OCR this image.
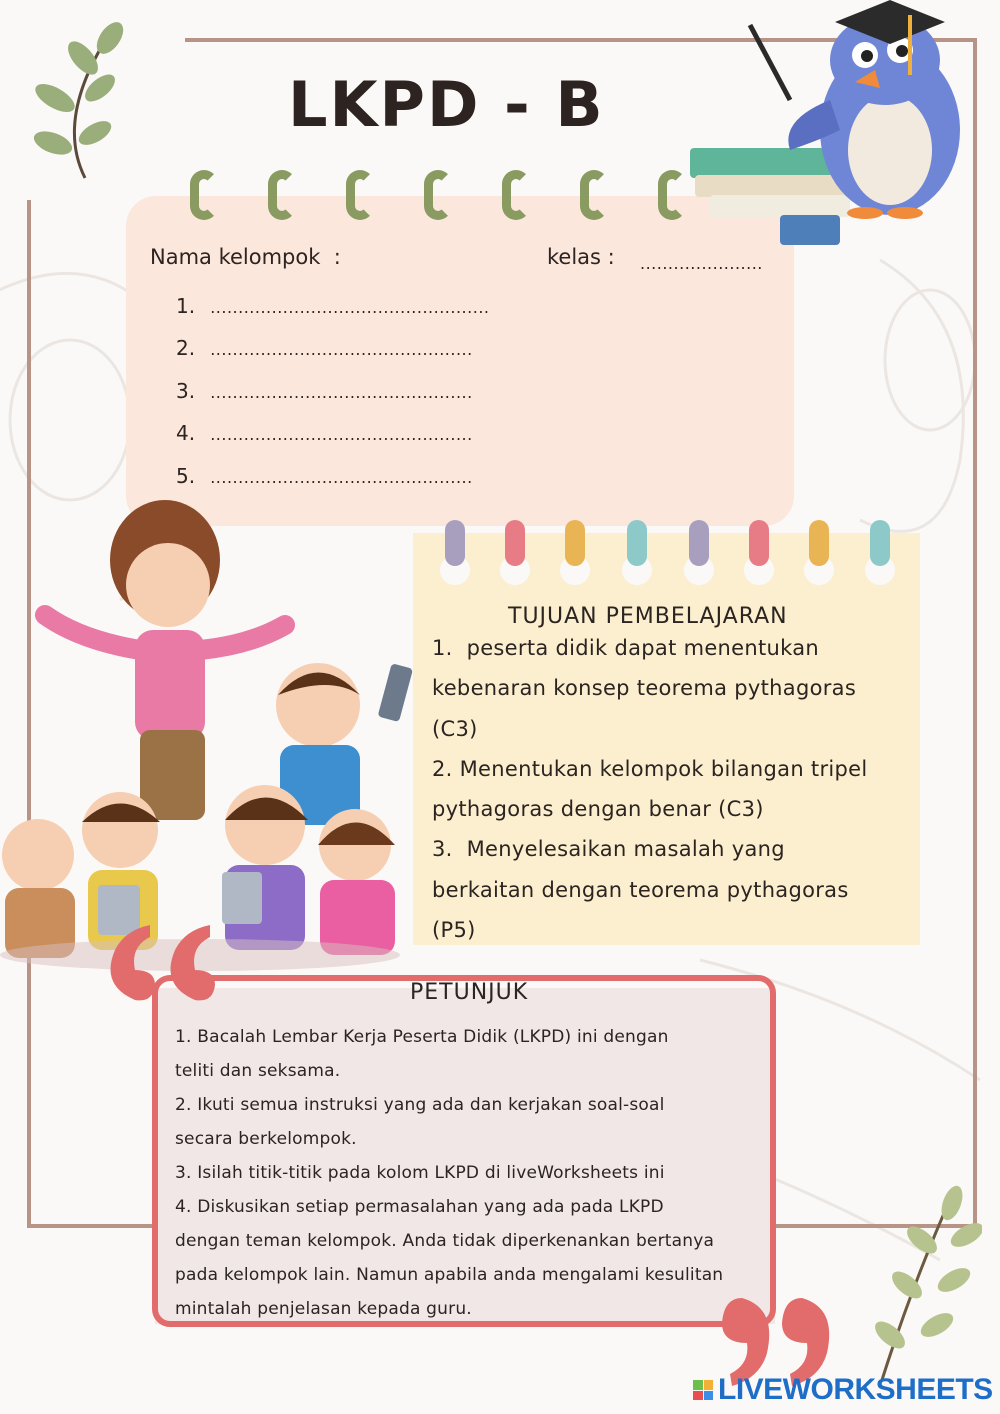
LKPD - B
Nama kelompok  :	kelas : ......................
1. ..................................................
2. ...............................................
3. ...............................................
4. ...............................................
5. ...............................................
TUJUAN PEMBELAJARAN
1.  peserta didik dapat menentukan
kebenaran konsep teorema pythagoras
(C3)
2. Menentukan kelompok bilangan tripel
pythagoras dengan benar (C3)
3.  Menyelesaikan masalah yang
berkaitan dengan teorema pythagoras
(P5)
PETUNJUK
1. Bacalah Lembar Kerja Peserta Didik (LKPD) ini dengan
teliti dan seksama.
2. Ikuti semua instruksi yang ada dan kerjakan soal-soal
secara berkelompok.
3. Isilah titik-titik pada kolom LKPD di liveWorksheets ini
4. Diskusikan setiap permasalahan yang ada pada LKPD
dengan teman kelompok. Anda tidak diperkenankan bertanya
pada kelompok lain. Namun apabila anda mengalami kesulitan
mintalah penjelasan kepada guru.
LIVEWORKSHEETS
